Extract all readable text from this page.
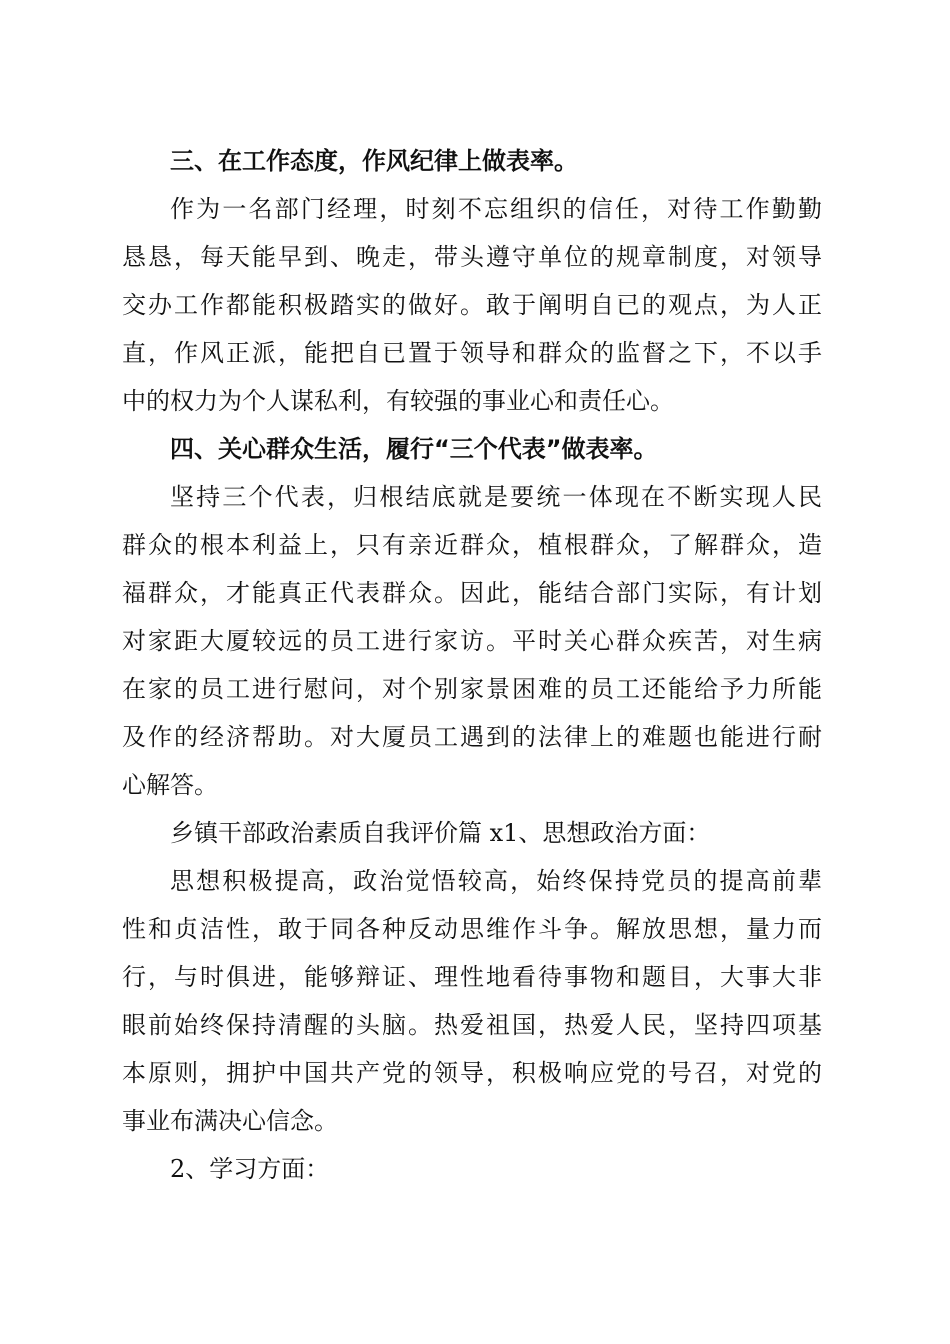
三、在工作态度，作风纪律上做表率。
作为一名部门经理，时刻不忘组织的信任，对待工作勤勤
恳恳，每天能早到、晚走，带头遵守单位的规章制度，对领导
交办工作都能积极踏实的做好。敢于阐明自已的观点，为人正
直，作风正派，能把自已置于领导和群众的监督之下，不以手
中的权力为个人谋私利，有较强的事业心和责任心。
四、关心群众生活，履行“三个代表”做表率。
坚持三个代表，归根结底就是要统一体现在不断实现人民
群众的根本利益上，只有亲近群众，植根群众，了解群众，造
福群众，才能真正代表群众。因此，能结合部门实际，有计划
对家距大厦较远的员工进行家访。平时关心群众疾苦，对生病
在家的员工进行慰问，对个别家景困难的员工还能给予力所能
及作的经济帮助。对大厦员工遇到的法律上的难题也能进行耐
心解答。
乡镇干部政治素质自我评价篇 x1、思想政治方面：
思想积极提高，政治觉悟较高，始终保持党员的提高前辈
性和贞洁性，敢于同各种反动思维作斗争。解放思想，量力而
行，与时俱进，能够辩证、理性地看待事物和题目，大事大非
眼前始终保持清醒的头脑。热爱祖国，热爱人民，坚持四项基
本原则，拥护中国共产党的领导，积极响应党的号召，对党的
事业布满决心信念。
2、学习方面：
